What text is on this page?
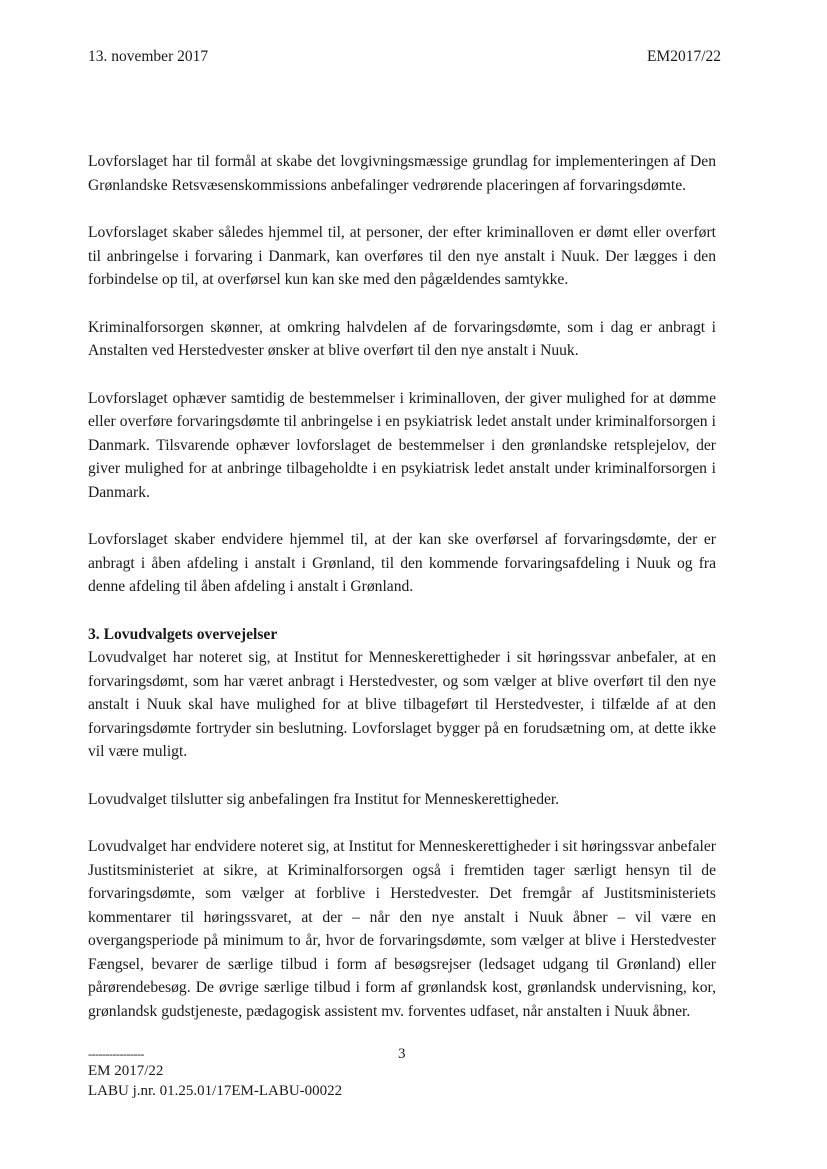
13. november 2017	EM2017/22

Lovforslaget har til formål at skabe det lovgivningsmæssige grundlag for implementeringen af Den Grønlandske Retsvæsenskommissions anbefalinger vedrørende placeringen af forvaringsdømte.

Lovforslaget skaber således hjemmel til, at personer, der efter kriminalloven er dømt eller overført til anbringelse i forvaring i Danmark, kan overføres til den nye anstalt i Nuuk. Der lægges i den forbindelse op til, at overførsel kun kan ske med den pågældendes samtykke.

Kriminalforsorgen skønner, at omkring halvdelen af de forvaringsdømte, som i dag er anbragt i Anstalten ved Herstedvester ønsker at blive overført til den nye anstalt i Nuuk.

Lovforslaget ophæver samtidig de bestemmelser i kriminalloven, der giver mulighed for at dømme eller overføre forvaringsdømte til anbringelse i en psykiatrisk ledet anstalt under kriminalforsorgen i Danmark. Tilsvarende ophæver lovforslaget de bestemmelser i den grønlandske retsplejelov, der giver mulighed for at anbringe tilbageholdte i en psykiatrisk ledet anstalt under kriminalforsorgen i Danmark.

Lovforslaget skaber endvidere hjemmel til, at der kan ske overførsel af forvaringsdømte, der er anbragt i åben afdeling i anstalt i Grønland, til den kommende forvaringsafdeling i Nuuk og fra denne afdeling til åben afdeling i anstalt i Grønland.

3. Lovudvalgets overvejelser

Lovudvalget har noteret sig, at Institut for Menneskerettigheder i sit høringssvar anbefaler, at en forvaringsdømt, som har været anbragt i Herstedvester, og som vælger at blive overført til den nye anstalt i Nuuk skal have mulighed for at blive tilbageført til Herstedvester, i tilfælde af at den forvaringsdømte fortryder sin beslutning. Lovforslaget bygger på en forudsætning om, at dette ikke vil være muligt.

Lovudvalget tilslutter sig anbefalingen fra Institut for Menneskerettigheder.

Lovudvalget har endvidere noteret sig, at Institut for Menneskerettigheder i sit høringssvar anbefaler Justitsministeriet at sikre, at Kriminalforsorgen også i fremtiden tager særligt hensyn til de forvaringsdømte, som vælger at forblive i Herstedvester. Det fremgår af Justitsministeriets kommentarer til høringssvaret, at der – når den nye anstalt i Nuuk åbner – vil være en overgangsperiode på minimum to år, hvor de forvaringsdømte, som vælger at blive i Herstedvester Fængsel, bevarer de særlige tilbud i form af besøgsrejser (ledsaget udgang til Grønland) eller pårørendebesøg. De øvrige særlige tilbud i form af grønlandsk kost, grønlandsk undervisning, kor, grønlandsk gudstjeneste, pædagogisk assistent mv. forventes udfaset, når anstalten i Nuuk åbner.

3
----------------
EM 2017/22
LABU j.nr. 01.25.01/17EM-LABU-00022
